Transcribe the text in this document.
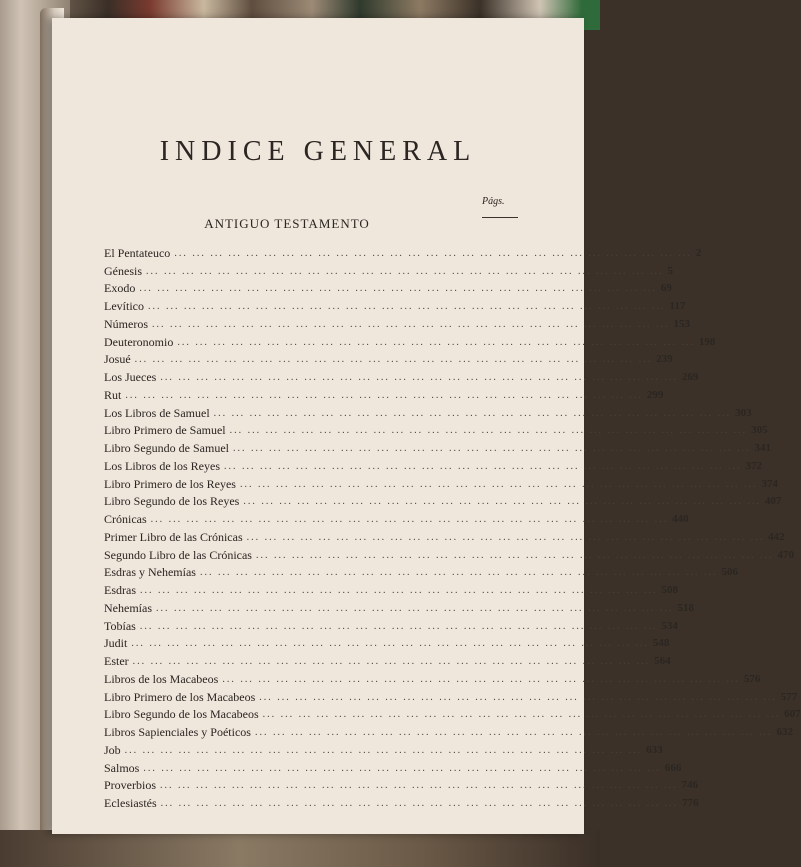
INDICE GENERAL
Págs.
ANTIGUO TESTAMENTO
El Pentateuco ... ... ... ... ... ... ... ... ... ... ... ... ... ... ... ... ... ... ... ... ... ... ... ... ... ... ... ... ... 2
Génesis ... ... ... ... ... ... ... ... ... ... ... ... ... ... ... ... ... ... ... ... ... ... ... ... ... ... ... ... ... 5
Exodo ... ... ... ... ... ... ... ... ... ... ... ... ... ... ... ... ... ... ... ... ... ... ... ... ... ... ... ... ... 69
Levítico ... ... ... ... ... ... ... ... ... ... ... ... ... ... ... ... ... ... ... ... ... ... ... ... ... ... ... ... ... 117
Números ... ... ... ... ... ... ... ... ... ... ... ... ... ... ... ... ... ... ... ... ... ... ... ... ... ... ... ... ... 153
Deuteronomio ... ... ... ... ... ... ... ... ... ... ... ... ... ... ... ... ... ... ... ... ... ... ... ... ... ... ... ... ... 198
Josué ... ... ... ... ... ... ... ... ... ... ... ... ... ... ... ... ... ... ... ... ... ... ... ... ... ... ... ... ... 239
Los Jueces ... ... ... ... ... ... ... ... ... ... ... ... ... ... ... ... ... ... ... ... ... ... ... ... ... ... ... ... ... 269
Rut ... ... ... ... ... ... ... ... ... ... ... ... ... ... ... ... ... ... ... ... ... ... ... ... ... ... ... ... ... 299
Los Libros de Samuel ... ... ... ... ... ... ... ... ... ... ... ... ... ... ... ... ... ... ... ... ... ... ... ... ... ... ... ... ... 303
Libro Primero de Samuel ... ... ... ... ... ... ... ... ... ... ... ... ... ... ... ... ... ... ... ... ... ... ... ... ... ... ... ... ... 305
Libro Segundo de Samuel ... ... ... ... ... ... ... ... ... ... ... ... ... ... ... ... ... ... ... ... ... ... ... ... ... ... ... ... ... 341
Los Libros de los Reyes ... ... ... ... ... ... ... ... ... ... ... ... ... ... ... ... ... ... ... ... ... ... ... ... ... ... ... ... ... 372
Libro Primero de los Reyes ... ... ... ... ... ... ... ... ... ... ... ... ... ... ... ... ... ... ... ... ... ... ... ... ... ... ... ... ... 374
Libro Segundo de los Reyes ... ... ... ... ... ... ... ... ... ... ... ... ... ... ... ... ... ... ... ... ... ... ... ... ... ... ... ... ... 407
Crónicas ... ... ... ... ... ... ... ... ... ... ... ... ... ... ... ... ... ... ... ... ... ... ... ... ... ... ... ... ... 440
Primer Libro de las Crónicas ... ... ... ... ... ... ... ... ... ... ... ... ... ... ... ... ... ... ... ... ... ... ... ... ... ... ... ... ... 442
Segundo Libro de las Crónicas ... ... ... ... ... ... ... ... ... ... ... ... ... ... ... ... ... ... ... ... ... ... ... ... ... ... ... ... ... 470
Esdras y Nehemías ... ... ... ... ... ... ... ... ... ... ... ... ... ... ... ... ... ... ... ... ... ... ... ... ... ... ... ... ... 506
Esdras ... ... ... ... ... ... ... ... ... ... ... ... ... ... ... ... ... ... ... ... ... ... ... ... ... ... ... ... ... 508
Nehemías ... ... ... ... ... ... ... ... ... ... ... ... ... ... ... ... ... ... ... ... ... ... ... ... ... ... ... ... ... 518
Tobías ... ... ... ... ... ... ... ... ... ... ... ... ... ... ... ... ... ... ... ... ... ... ... ... ... ... ... ... ... 534
Judit ... ... ... ... ... ... ... ... ... ... ... ... ... ... ... ... ... ... ... ... ... ... ... ... ... ... ... ... ... 548
Ester ... ... ... ... ... ... ... ... ... ... ... ... ... ... ... ... ... ... ... ... ... ... ... ... ... ... ... ... ... 564
Libros de los Macabeos ... ... ... ... ... ... ... ... ... ... ... ... ... ... ... ... ... ... ... ... ... ... ... ... ... ... ... ... ... 576
Libro Primero de los Macabeos ... ... ... ... ... ... ... ... ... ... ... ... ... ... ... ... ... ... ... ... ... ... ... ... ... ... ... ... ... 577
Libro Segundo de los Macabeos ... ... ... ... ... ... ... ... ... ... ... ... ... ... ... ... ... ... ... ... ... ... ... ... ... ... ... ... ... 607
Libros Sapienciales y Poéticos ... ... ... ... ... ... ... ... ... ... ... ... ... ... ... ... ... ... ... ... ... ... ... ... ... ... ... ... ... 632
Job ... ... ... ... ... ... ... ... ... ... ... ... ... ... ... ... ... ... ... ... ... ... ... ... ... ... ... ... ... 633
Salmos ... ... ... ... ... ... ... ... ... ... ... ... ... ... ... ... ... ... ... ... ... ... ... ... ... ... ... ... ... 666
Proverbios ... ... ... ... ... ... ... ... ... ... ... ... ... ... ... ... ... ... ... ... ... ... ... ... ... ... ... ... ... 746
Eclesiastés ... ... ... ... ... ... ... ... ... ... ... ... ... ... ... ... ... ... ... ... ... ... ... ... ... ... ... ... ... 776
